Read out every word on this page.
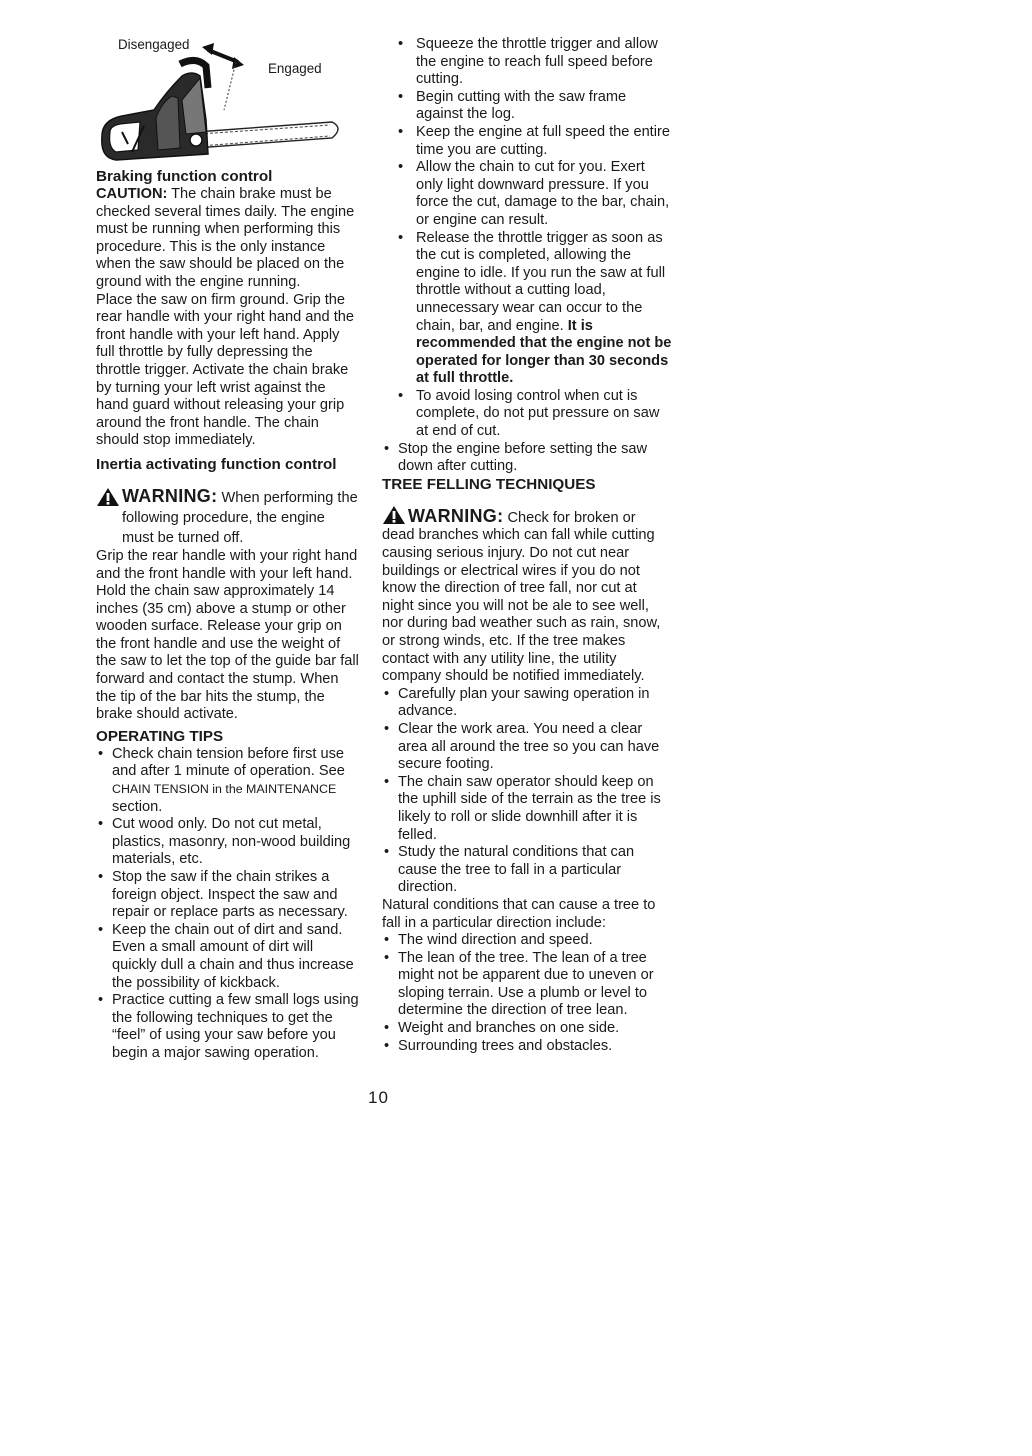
Disengaged
Engaged
Braking function control

CAUTION: The chain brake must be checked several times daily. The engine must be running when performing this procedure. This is the only instance when the saw should be placed on the ground with the engine running.

Place the saw on firm ground. Grip the rear handle with your right hand and the front handle with your left hand. Apply full throttle by fully depressing the throttle trigger. Activate the chain brake by turning your left wrist against the hand guard without releasing your grip around the front handle. The chain should stop immediately.

Inertia activating function control

WARNING: When performing the following procedure, the engine must be turned off.

Grip the rear handle with your right hand and the front handle with your left hand. Hold the chain saw approximately 14 inches (35 cm) above a stump or other wooden surface. Release your grip on the front handle and use the weight of the saw to let the top of the guide bar fall forward and contact the stump. When the tip of the bar hits the stump, the brake should activate.

OPERATING TIPS
• Check chain tension before first use and after 1 minute of operation. See CHAIN TENSION in the MAINTENANCE section.
• Cut wood only. Do not cut metal, plastics, masonry, non-wood building materials, etc.
• Stop the saw if the chain strikes a foreign object. Inspect the saw and repair or replace parts as necessary.
• Keep the chain out of dirt and sand. Even a small amount of dirt will quickly dull a chain and thus increase the possibility of kickback.
• Practice cutting a few small logs using the following techniques to get the “feel” of using your saw before you begin a major sawing operation.
• Squeeze the throttle trigger and allow the engine to reach full speed before cutting.
• Begin cutting with the saw frame against the log.
• Keep the engine at full speed the entire time you are cutting.
• Allow the chain to cut for you. Exert only light downward pressure. If you force the cut, damage to the bar, chain, or engine can result.
• Release the throttle trigger as soon as the cut is completed, allowing the engine to idle. If you run the saw at full throttle without a cutting load, unnecessary wear can occur to the chain, bar, and engine. It is recommended that the engine not be operated for longer than 30 seconds at full throttle.
• To avoid losing control when cut is complete, do not put pressure on saw at end of cut.
• Stop the engine before setting the saw down after cutting.
TREE FELLING TECHNIQUES

WARNING: Check for broken or dead branches which can fall while cutting causing serious injury. Do not cut near buildings or electrical wires if you do not know the direction of tree fall, nor cut at night since you will not be ale to see well, nor during bad weather such as rain, snow, or strong winds, etc. If the tree makes contact with any utility line, the utility company should be notified immediately.

• Carefully plan your sawing operation in advance.
• Clear the work area. You need a clear area all around the tree so you can have secure footing.
• The chain saw operator should keep on the uphill side of the terrain as the tree is likely to roll or slide downhill after it is felled.
• Study the natural conditions that can cause the tree to fall in a particular direction.

Natural conditions that can cause a tree to fall in a particular direction include:

• The wind direction and speed.
• The lean of the tree. The lean of a tree might not be apparent due to uneven or sloping terrain. Use a plumb or level to determine the direction of tree lean.
• Weight and branches on one side.
• Surrounding trees and obstacles.
10
